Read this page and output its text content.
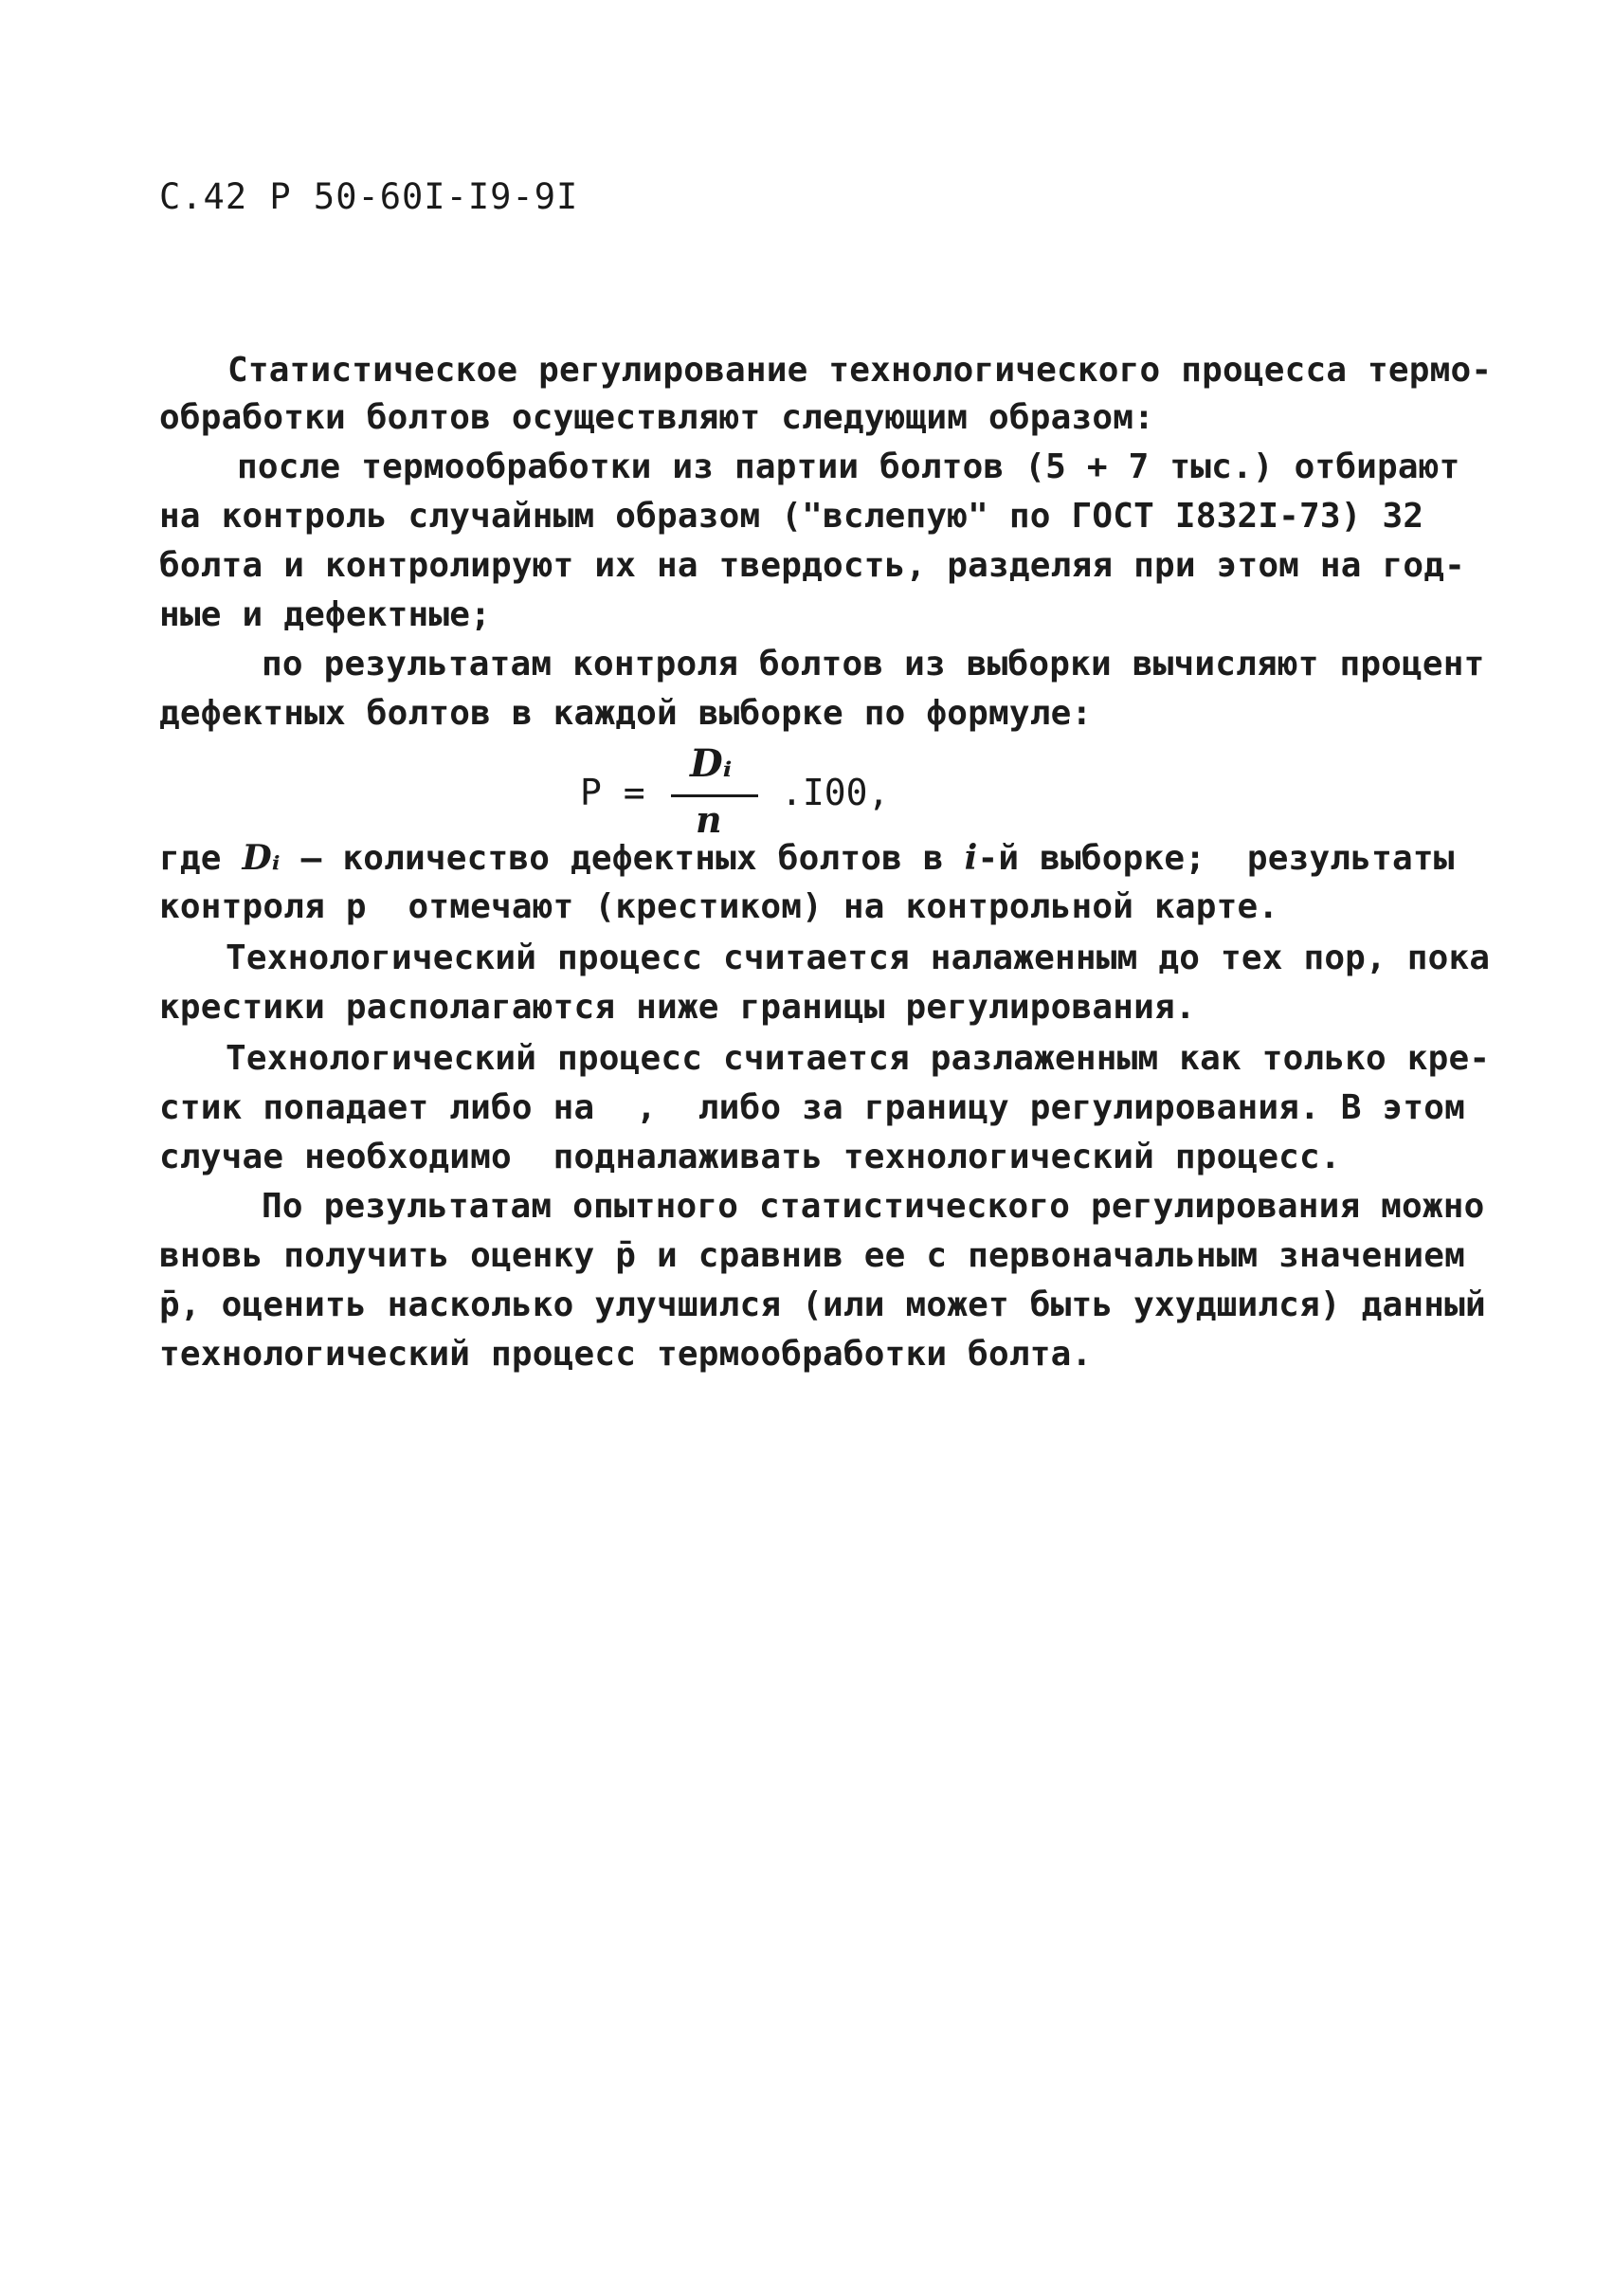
С.42 Р 50-60I-I9-9I
Статистическое регулирование технологического процесса термо-
обработки болтов осуществляют следующим образом:
после термообработки из партии болтов (5 + 7 тыс.) отбирают
на контроль случайным образом ("вслепую" по ГОСТ I832I-73) 32
болта и контролируют их на твердость, разделяя при этом на год-
ные и дефектные;
по результатам контроля болтов из выборки вычисляют процент
дефектных болтов в каждой выборке по формуле:
P =
Dᵢ
n
.I00,
где Dᵢ – количество дефектных болтов в i-й выборке;  результаты
контроля р  отмечают (крестиком) на контрольной карте.
Технологический процесс считается налаженным до тех пор, пока
крестики располагаются ниже границы регулирования.
Технологический процесс считается разлаженным как только кре-
стик попадает либо на  ,  либо за границу регулирования. В этом
случае необходимо  подналаживать технологический процесс.
По результатам опытного статистического регулирования можно
вновь получить оценку p̄ и сравнив ее с первоначальным значением
p̄, оценить насколько улучшился (или может быть ухудшился) данный
технологический процесс термообработки болта.
